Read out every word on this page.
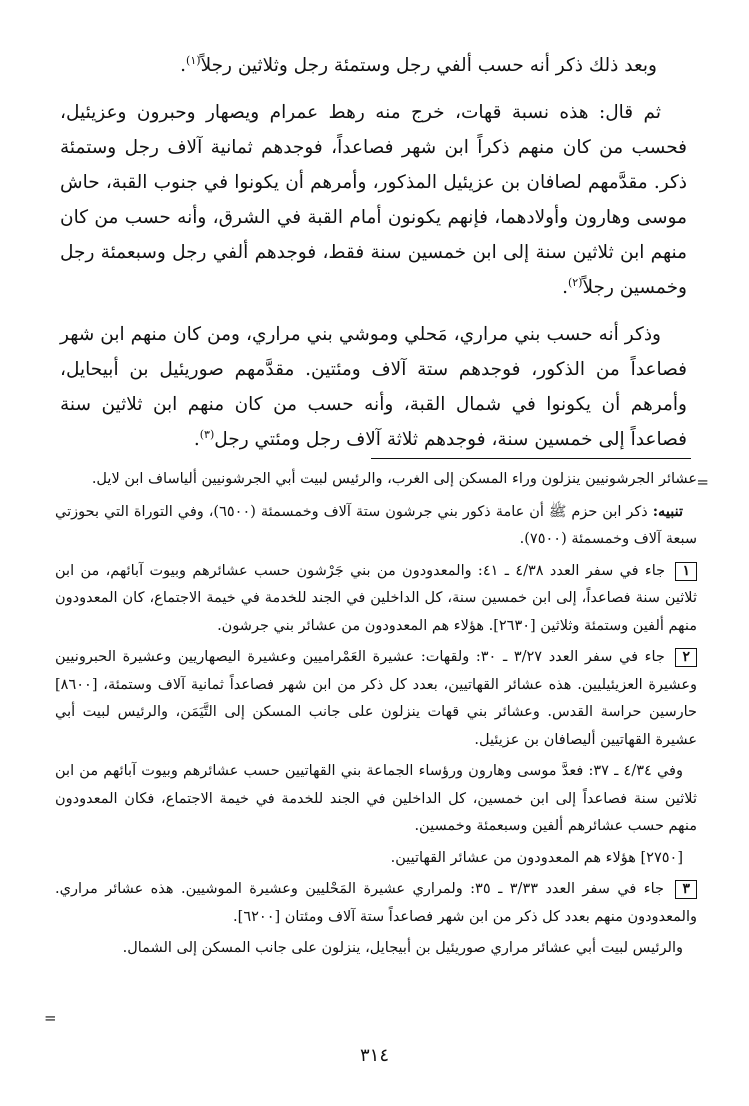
وبعد ذلك ذكر أنه حسب ألفي رجل وستمئة رجل وثلاثين رجلاً$^{(١)}$.

ثم قال: هذه نسبة قهات، خرج منه رهط عمرام ويصهار وحبرون وعزيئيل، فحسب من كان منهم ذكراً ابن شهر فصاعداً، فوجدهم ثمانية آلاف رجل وستمئة ذكر. مقدَّمهم لصافان بن عزيئيل المذكور، وأمرهم أن يكونوا في جنوب القبة، حاش موسى وهارون وأولادهما، فإنهم يكونون أمام القبة في الشرق، وأنه حسب من كان منهم ابن ثلاثين سنة إلى ابن خمسين سنة فقط، فوجدهم ألفي رجل وسبعمئة رجل وخمسين رجلاً$^{(٢)}$.

وذكر أنه حسب بني مراري، مَحلي وموشي بني مراري، ومن كان منهم ابن شهر فصاعداً من الذكور، فوجدهم ستة آلاف ومئتين. مقدَّمهم صوريئيل بن أبيحايل، وأمرهم أن يكونوا في شمال القبة، وأنه حسب من كان منهم ابن ثلاثين سنة فصاعداً إلى خمسين سنة، فوجدهم ثلاثة آلاف رجل ومئتي رجل$^{(٣)}$.

=

عشائر الجرشونيين ينزلون وراء المسكن إلى الغرب، والرئيس لبيت أبي الجرشونيين ألياساف ابن لايل.

تنبيه: ذكر ابن حزم ﷺ أن عامة ذكور بني جرشون ستة آلاف وخمسمئة (٦٥٠٠)، وفي التوراة التي بحوزتي سبعة آلاف وخمسمئة (٧٥٠٠).

١ جاء في سفر العدد ٤/٣٨ ـ ٤١: والمعدودون من بني جَرْشون حسب عشائرهم وبيوت آبائهم، من ابن ثلاثين سنة فصاعداً، إلى ابن خمسين سنة، كل الداخلين في الجند للخدمة في خيمة الاجتماع، كان المعدودون منهم ألفين وستمئة وثلاثين [٢٦٣٠]. هؤلاء هم المعدودون من عشائر بني جرشون.

٢ جاء في سفر العدد ٣/٢٧ ـ ٣٠: ولقهات: عشيرة العَمْراميين وعشيرة اليصهاريين وعشيرة الحبرونيين وعشيرة العزيئيليين. هذه عشائر القهاتيين، بعدد كل ذكر من ابن شهر فصاعداً ثمانية آلاف وستمئة، [٨٦٠٠] حارسين حراسة القدس. وعشائر بني قهات ينزلون على جانب المسكن إلى التَّيَمَن، والرئيس لبيت أبي عشيرة القهاتيين أليصافان بن عزيئيل.

وفي ٤/٣٤ ـ ٣٧: فعدَّ موسى وهارون ورؤساء الجماعة بني القهاتيين حسب عشائرهم وبيوت آبائهم من ابن ثلاثين سنة فصاعداً إلى ابن خمسين، كل الداخلين في الجند للخدمة في خيمة الاجتماع، فكان المعدودون منهم حسب عشائرهم ألفين وسبعمئة وخمسين.

[٢٧٥٠] هؤلاء هم المعدودون من عشائر القهاتيين.

٣ جاء في سفر العدد ٣/٣٣ ـ ٣٥: ولمراري عشيرة المَحْليين وعشيرة الموشيين. هذه عشائر مراري. والمعدودون منهم بعدد كل ذكر من ابن شهر فصاعداً ستة آلاف ومئتان [٦٢٠٠].

والرئيس لبيت أبي عشائر مراري صوريئيل بن أبيجايل، ينزلون على جانب المسكن إلى الشمال.

=
٣١٤
